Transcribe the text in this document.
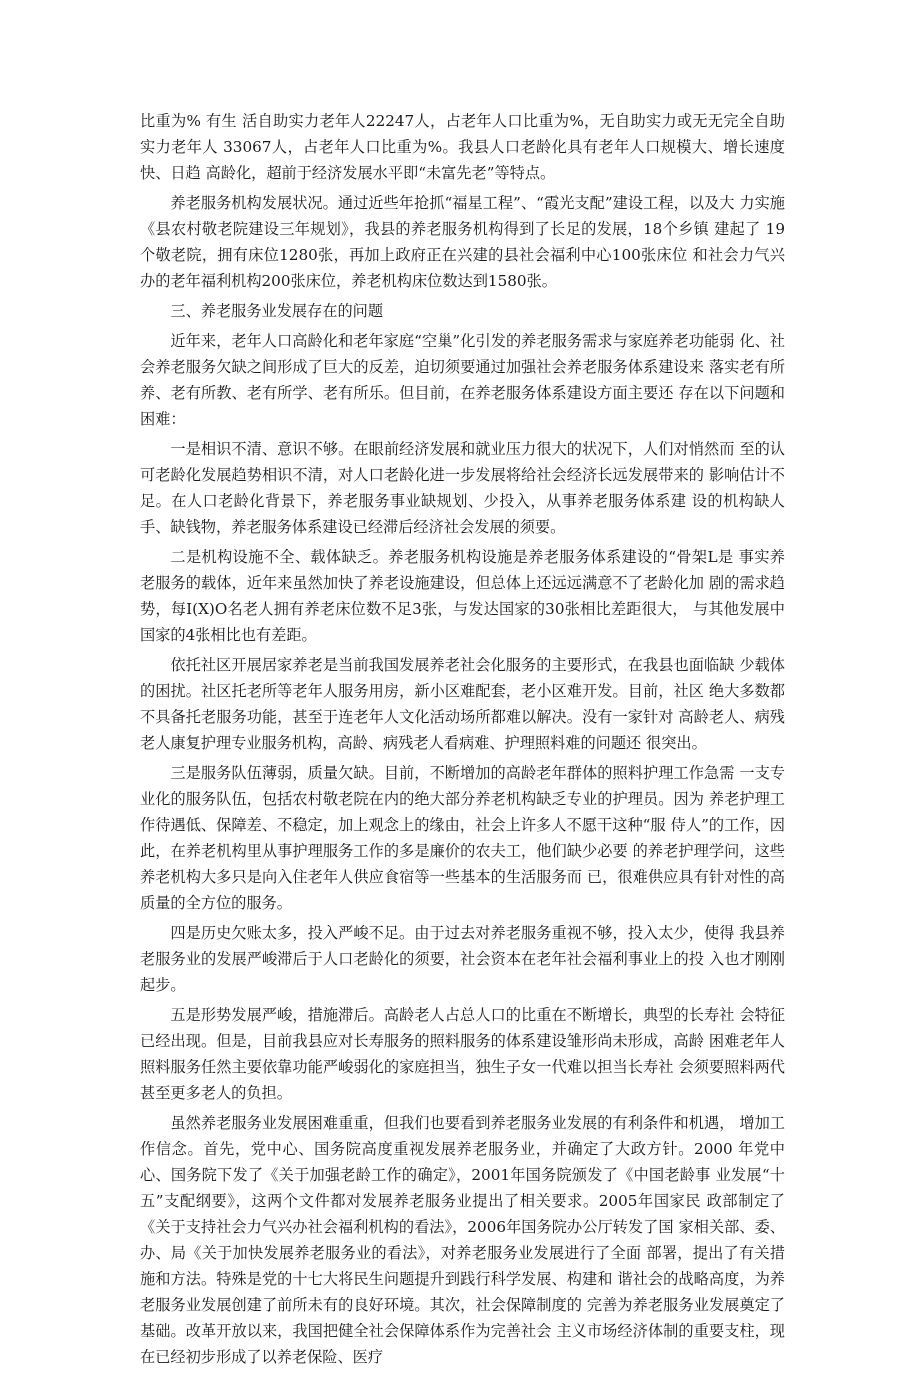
比重为% 有生 活自助实力老年人22247人，占老年人口比重为%，无自助实力或无无完全自助实力老年人 33067人，占老年人口比重为%。我县人口老龄化具有老年人口规模大、增长速度快、日趋 高龄化，超前于经济发展水平即“未富先老”等特点。

养老服务机构发展状况。通过近些年抢抓“福星工程”、“霞光支配”建设工程，以及大 力实施《县农村敬老院建设三年规划》，我县的养老服务机构得到了长足的发展，18个乡镇 建起了 19个敬老院，拥有床位1280张，再加上政府正在兴建的县社会福利中心100张床位 和社会力气兴办的老年福利机构200张床位，养老机构床位数达到1580张。

三、养老服务业发展存在的问题

近年来，老年人口高龄化和老年家庭“空巢”化引发的养老服务需求与家庭养老功能弱 化、社会养老服务欠缺之间形成了巨大的反差，迫切须要通过加强社会养老服务体系建设来 落实老有所养、老有所教、老有所学、老有所乐。但目前，在养老服务体系建设方面主要还 存在以下问题和困难：

一是相识不清、意识不够。在眼前经济发展和就业压力很大的状况下，人们对悄然而 至的认可老龄化发展趋势相识不清，对人口老龄化进一步发展将给社会经济长远发展带来的 影响估计不足。在人口老龄化背景下，养老服务事业缺规划、少投入，从事养老服务体系建 设的机构缺人手、缺钱物，养老服务体系建设已经滞后经济社会发展的须要。

二是机构设施不全、载体缺乏。养老服务机构设施是养老服务体系建设的“骨架L是 事实养老服务的载体，近年来虽然加快了养老设施建设，但总体上还远远满意不了老龄化加 剧的需求趋势，每I(X)O名老人拥有养老床位数不足3张，与发达国家的30张相比差距很大， 与其他发展中国家的4张相比也有差距。

依托社区开展居家养老是当前我国发展养老社会化服务的主要形式，在我县也面临缺 少载体的困扰。社区托老所等老年人服务用房，新小区难配套，老小区难开发。目前，社区 绝大多数都不具备托老服务功能，甚至于连老年人文化活动场所都难以解决。没有一家针对 高龄老人、病残老人康复护理专业服务机构，高龄、病残老人看病难、护理照料难的问题还 很突出。

三是服务队伍薄弱，质量欠缺。目前，不断增加的高龄老年群体的照料护理工作急需 一支专业化的服务队伍，包括农村敬老院在内的绝大部分养老机构缺乏专业的护理员。因为 养老护理工作待遇低、保障差、不稳定，加上观念上的缘由，社会上许多人不愿干这种“服 侍人”的工作，因此，在养老机构里从事护理服务工作的多是廉价的农夫工，他们缺少必要 的养老护理学问，这些养老机构大多只是向入住老年人供应食宿等一些基本的生活服务而 已，很难供应具有针对性的高质量的全方位的服务。

四是历史欠账太多，投入严峻不足。由于过去对养老服务重视不够，投入太少，使得 我县养老服务业的发展严峻滞后于人口老龄化的须要，社会资本在老年社会福利事业上的投 入也才刚刚起步。

五是形势发展严峻，措施滞后。高龄老人占总人口的比重在不断增长，典型的长寿社 会特征已经出现。但是，目前我县应对长寿服务的照料服务的体系建设雏形尚未形成，高龄 困难老年人照料服务任然主要依靠功能严峻弱化的家庭担当，独生子女一代难以担当长寿社 会须要照料两代甚至更多老人的负担。

虽然养老服务业发展困难重重，但我们也要看到养老服务业发展的有利条件和机遇， 增加工作信念。首先，党中心、国务院高度重视发展养老服务业，并确定了大政方针。2000 年党中心、国务院下发了《关于加强老龄工作的确定》，2001年国务院颁发了《中国老龄事 业发展“十五”支配纲要》，这两个文件都对发展养老服务业提出了相关要求。2005年国家民 政部制定了《关于支持社会力气兴办社会福利机构的看法》，2006年国务院办公厅转发了国 家相关部、委、办、局《关于加快发展养老服务业的看法》，对养老服务业发展进行了全面 部署，提出了有关措施和方法。特殊是党的十七大将民生问题提升到践行科学发展、构建和 谐社会的战略高度，为养老服务业发展创建了前所未有的良好环境。其次，社会保障制度的 完善为养老服务业发展奠定了基础。改革开放以来，我国把健全社会保障体系作为完善社会 主义市场经济体制的重要支柱，现在已经初步形成了以养老保险、医疗
